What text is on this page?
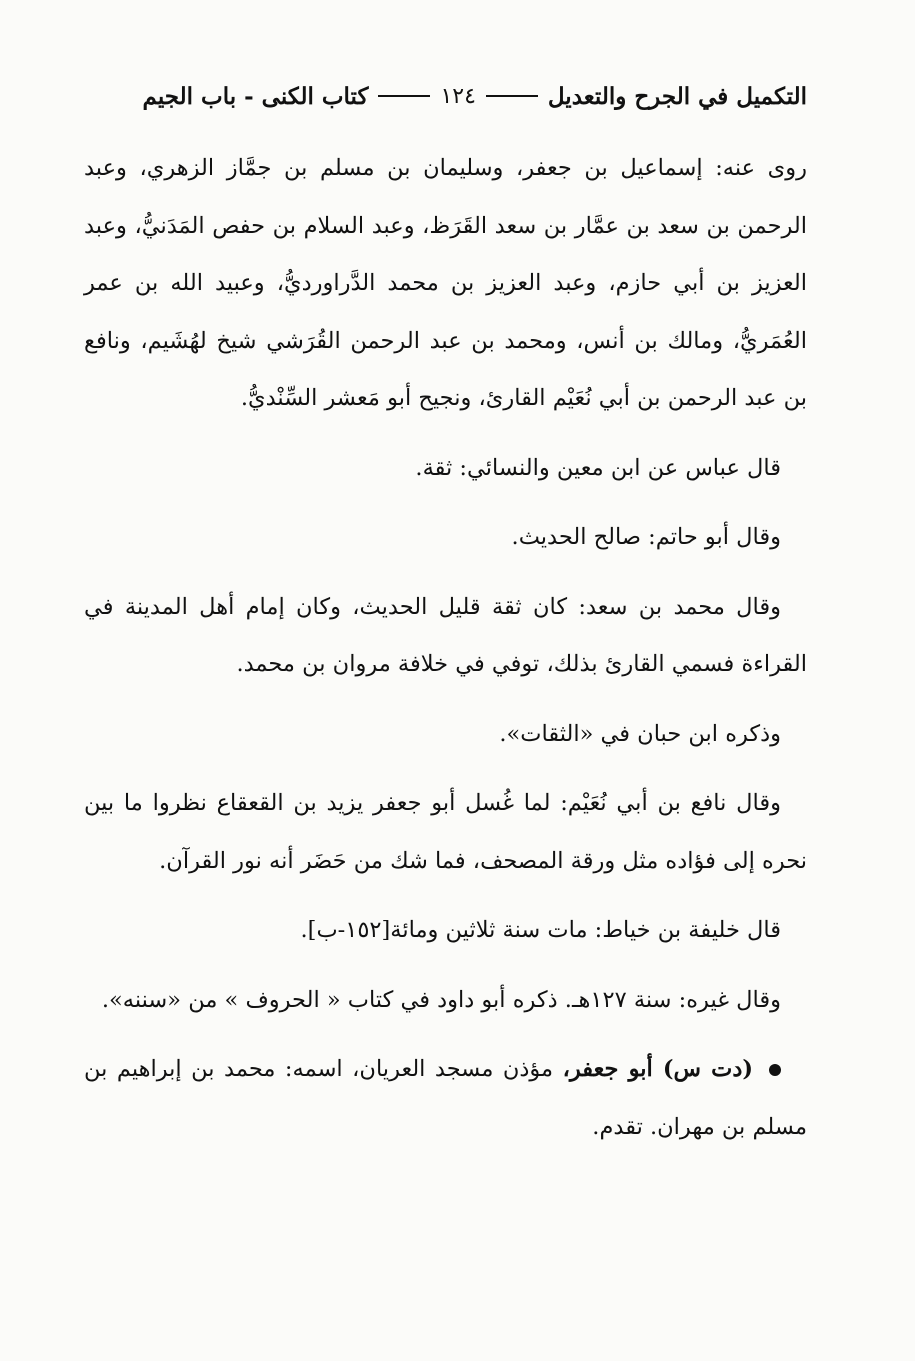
التكميل في الجرح والتعديل
١٢٤
كتاب الكنى - باب الجيم

روى عنه: إسماعيل بن جعفر، وسليمان بن مسلم بن جمَّاز الزهري، وعبد الرحمن بن سعد بن عمَّار بن سعد القَرَظ، وعبد السلام بن حفص المَدَنيُّ، وعبد العزيز بن أبي حازم، وعبد العزيز بن محمد الدَّراورديُّ، وعبيد الله بن عمر العُمَريُّ، ومالك بن أنس، ومحمد بن عبد الرحمن القُرَشي شيخ لهُشَيم، ونافع بن عبد الرحمن بن أبي نُعَيْم القارئ، ونجيح أبو مَعشر السِّنْديُّ.

قال عباس عن ابن معين والنسائي: ثقة.

وقال أبو حاتم: صالح الحديث.

وقال محمد بن سعد: كان ثقة قليل الحديث، وكان إمام أهل المدينة في القراءة فسمي القارئ بذلك، توفي في خلافة مروان بن محمد.

وذكره ابن حبان في «الثقات».

وقال نافع بن أبي نُعَيْم: لما غُسل أبو جعفر يزيد بن القعقاع نظروا ما بين نحره إلى فؤاده مثل ورقة المصحف، فما شك من حَضَر أنه نور القرآن.

قال خليفة بن خياط: مات سنة ثلاثين ومائة[١٥٢-ب].

وقال غيره: سنة ١٢٧هـ. ذكره أبو داود في كتاب « الحروف » من «سننه».

(دت س) أبو جعفر، مؤذن مسجد العريان، اسمه: محمد بن إبراهيم بن مسلم بن مهران. تقدم.
